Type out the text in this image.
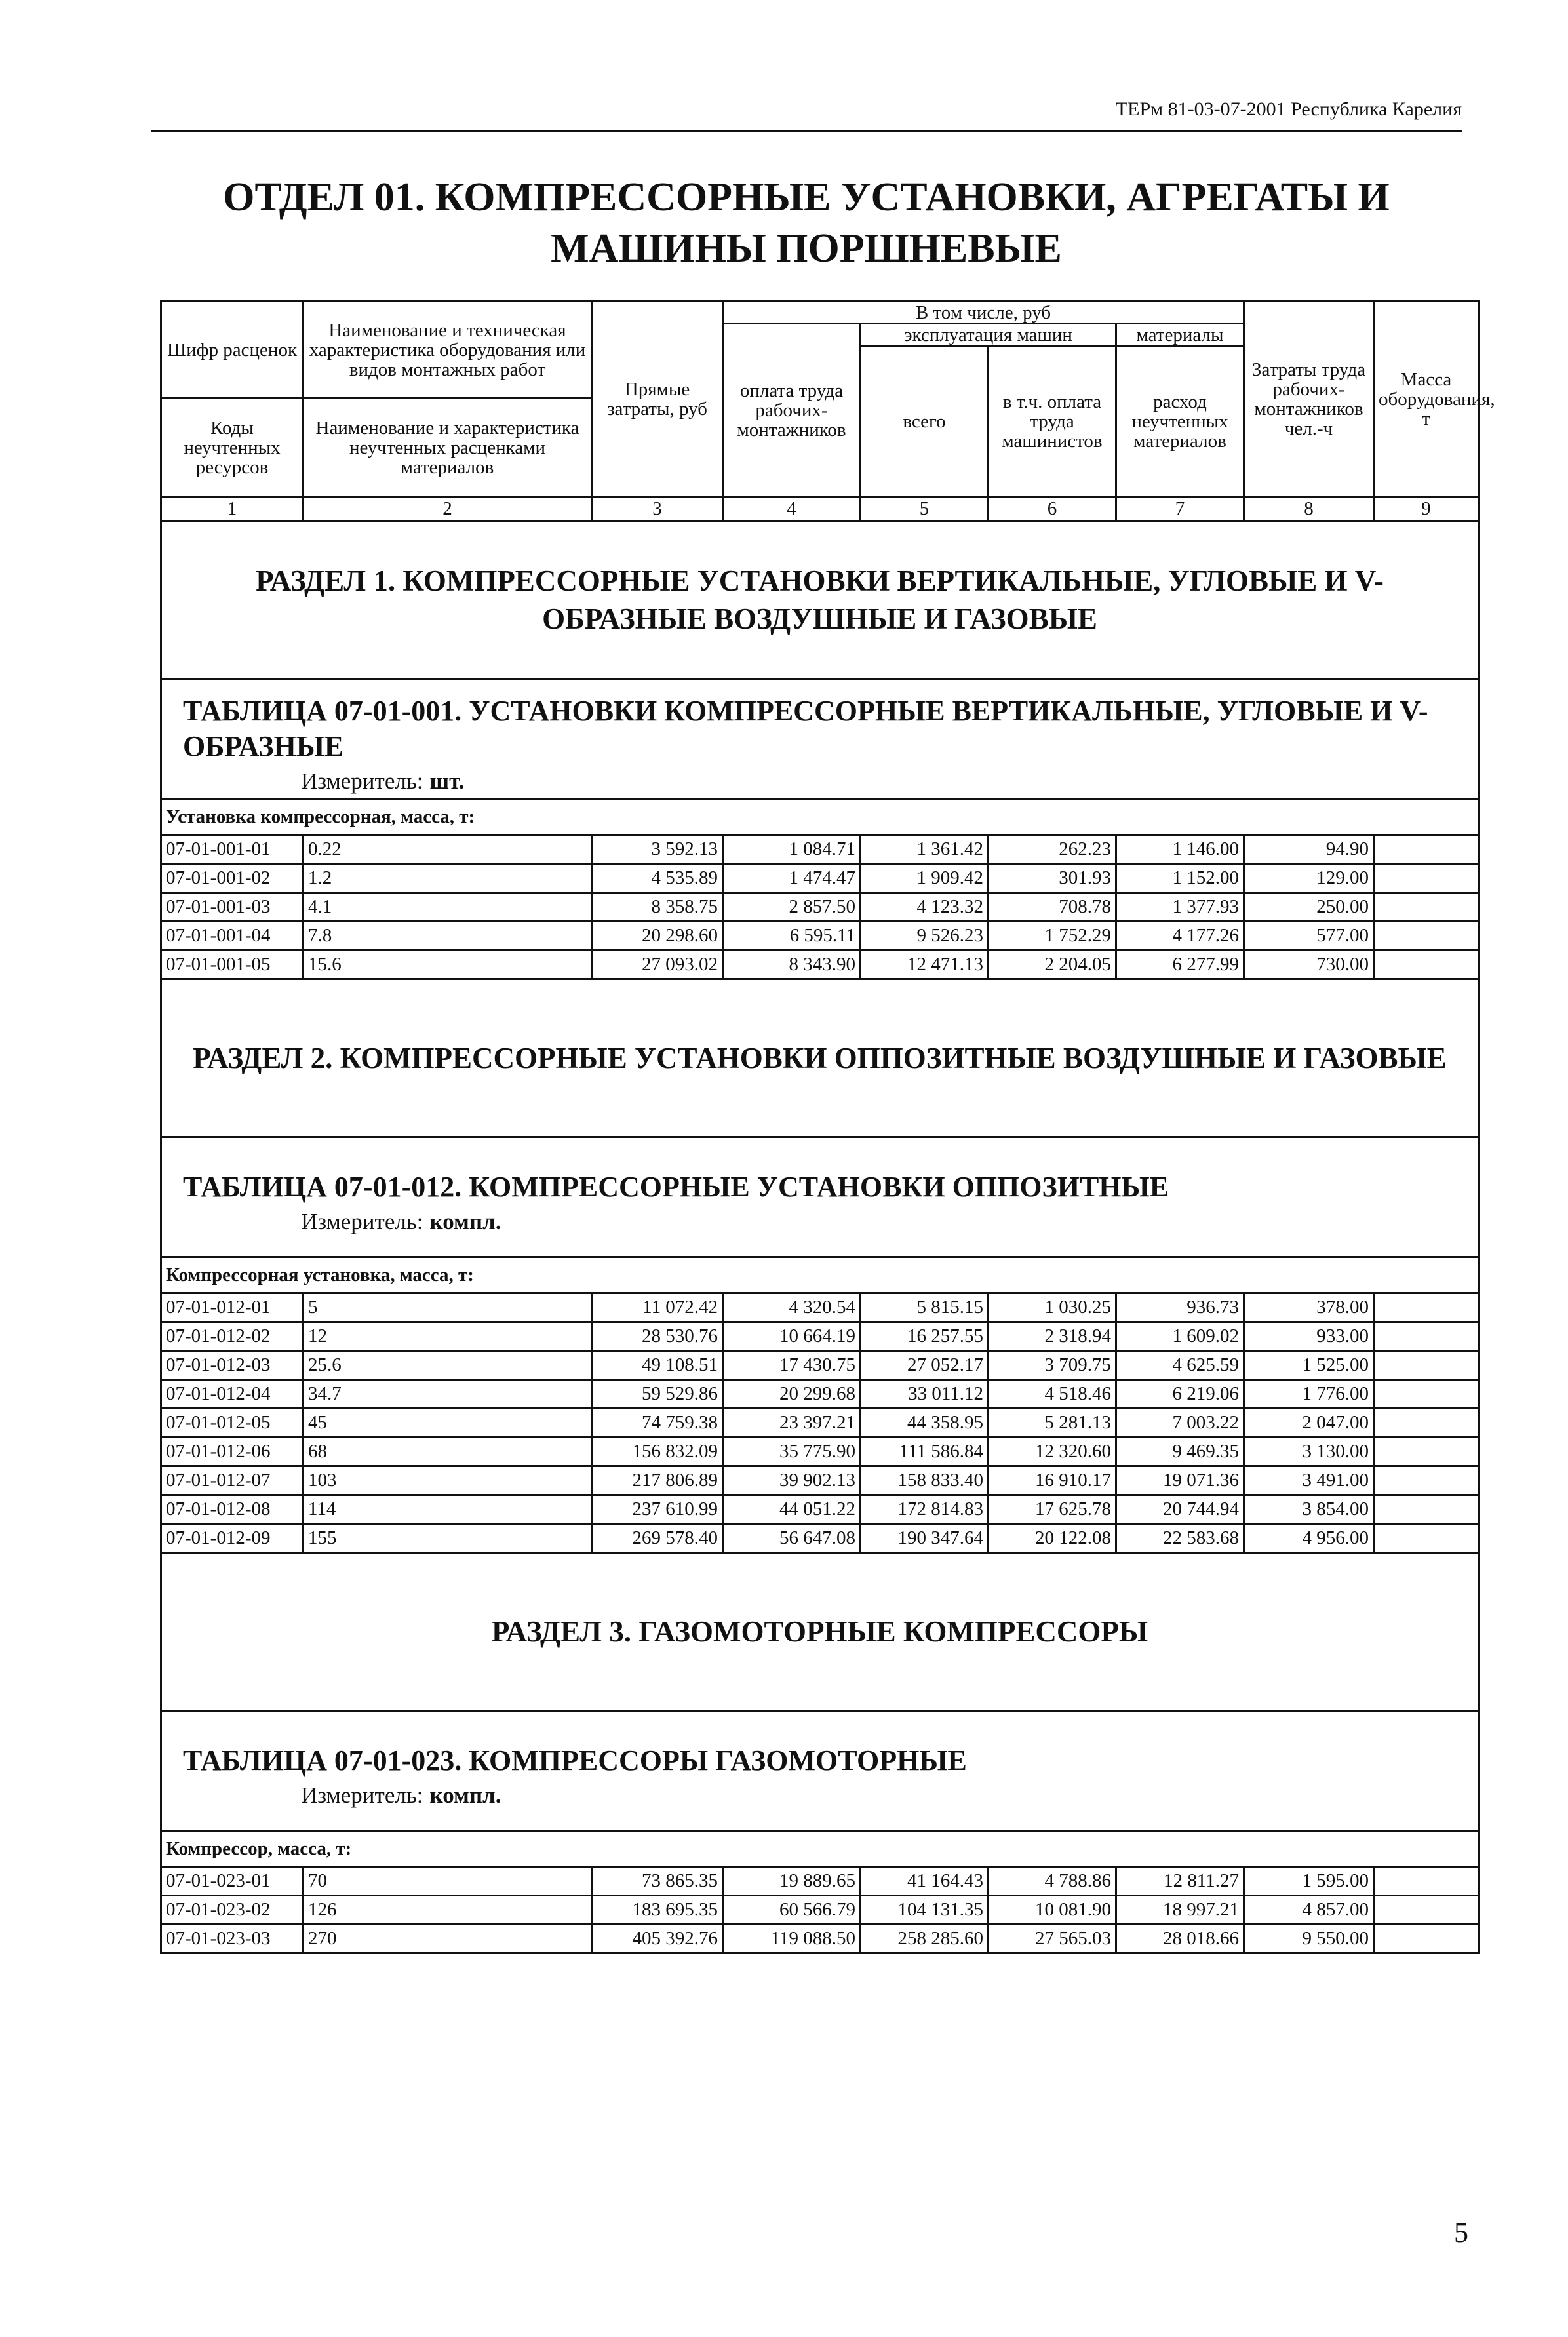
ТЕРм 81-03-07-2001 Республика Карелия
ОТДЕЛ 01. КОМПРЕССОРНЫЕ УСТАНОВКИ, АГРЕГАТЫ И
МАШИНЫ ПОРШНЕВЫЕ
Шифр расценок	Наименование и техническая характеристика оборудования или видов монтажных работ	Прямые затраты, руб	В том числе, руб				Затраты труда рабочих-монтажников чел.-ч	Масса оборудования, т
			оплата труда рабочих-монтажников	эксплуатация машин		материалы		
				всего	в т.ч. оплата труда машинистов	расход неучтенных материалов		
Коды неучтенных ресурсов	Наименование и характеристика неучтенных расценками материалов							

1	2	3	4	5	6	7	8	9

РАЗДЕЛ 1. КОМПРЕССОРНЫЕ УСТАНОВКИ ВЕРТИКАЛЬНЫЕ, УГЛОВЫЕ И V-ОБРАЗНЫЕ ВОЗДУШНЫЕ И ГАЗОВЫЕ								

ТАБЛИЦА 07-01-001. УСТАНОВКИ КОМПРЕССОРНЫЕ ВЕРТИКАЛЬНЫЕ, УГЛОВЫЕ И V-ОБРАЗНЫЕ
Измеритель: шт.								

Установка компрессорная, масса, т:								
07-01-001-01	0.22	3 592.13	1 084.71	1 361.42	262.23	1 146.00	94.90	
07-01-001-02	1.2	4 535.89	1 474.47	1 909.42	301.93	1 152.00	129.00	
07-01-001-03	4.1	8 358.75	2 857.50	4 123.32	708.78	1 377.93	250.00	
07-01-001-04	7.8	20 298.60	6 595.11	9 526.23	1 752.29	4 177.26	577.00	
07-01-001-05	15.6	27 093.02	8 343.90	12 471.13	2 204.05	6 277.99	730.00	

РАЗДЕЛ 2. КОМПРЕССОРНЫЕ УСТАНОВКИ ОППОЗИТНЫЕ ВОЗДУШНЫЕ И ГАЗОВЫЕ								

ТАБЛИЦА 07-01-012. КОМПРЕССОРНЫЕ УСТАНОВКИ ОППОЗИТНЫЕ
Измеритель: компл.								

Компрессорная установка, масса, т:								
07-01-012-01	5	11 072.42	4 320.54	5 815.15	1 030.25	936.73	378.00	
07-01-012-02	12	28 530.76	10 664.19	16 257.55	2 318.94	1 609.02	933.00	
07-01-012-03	25.6	49 108.51	17 430.75	27 052.17	3 709.75	4 625.59	1 525.00	
07-01-012-04	34.7	59 529.86	20 299.68	33 011.12	4 518.46	6 219.06	1 776.00	
07-01-012-05	45	74 759.38	23 397.21	44 358.95	5 281.13	7 003.22	2 047.00	
07-01-012-06	68	156 832.09	35 775.90	111 586.84	12 320.60	9 469.35	3 130.00	
07-01-012-07	103	217 806.89	39 902.13	158 833.40	16 910.17	19 071.36	3 491.00	
07-01-012-08	114	237 610.99	44 051.22	172 814.83	17 625.78	20 744.94	3 854.00	
07-01-012-09	155	269 578.40	56 647.08	190 347.64	20 122.08	22 583.68	4 956.00	

РАЗДЕЛ 3. ГАЗОМОТОРНЫЕ КОМПРЕССОРЫ								

ТАБЛИЦА 07-01-023. КОМПРЕССОРЫ ГАЗОМОТОРНЫЕ
Измеритель: компл.								

Компрессор, масса, т:								
07-01-023-01	70	73 865.35	19 889.65	41 164.43	4 788.86	12 811.27	1 595.00	
07-01-023-02	126	183 695.35	60 566.79	104 131.35	10 081.90	18 997.21	4 857.00	
07-01-023-03	270	405 392.76	119 088.50	258 285.60	27 565.03	28 018.66	9 550.00	
5
